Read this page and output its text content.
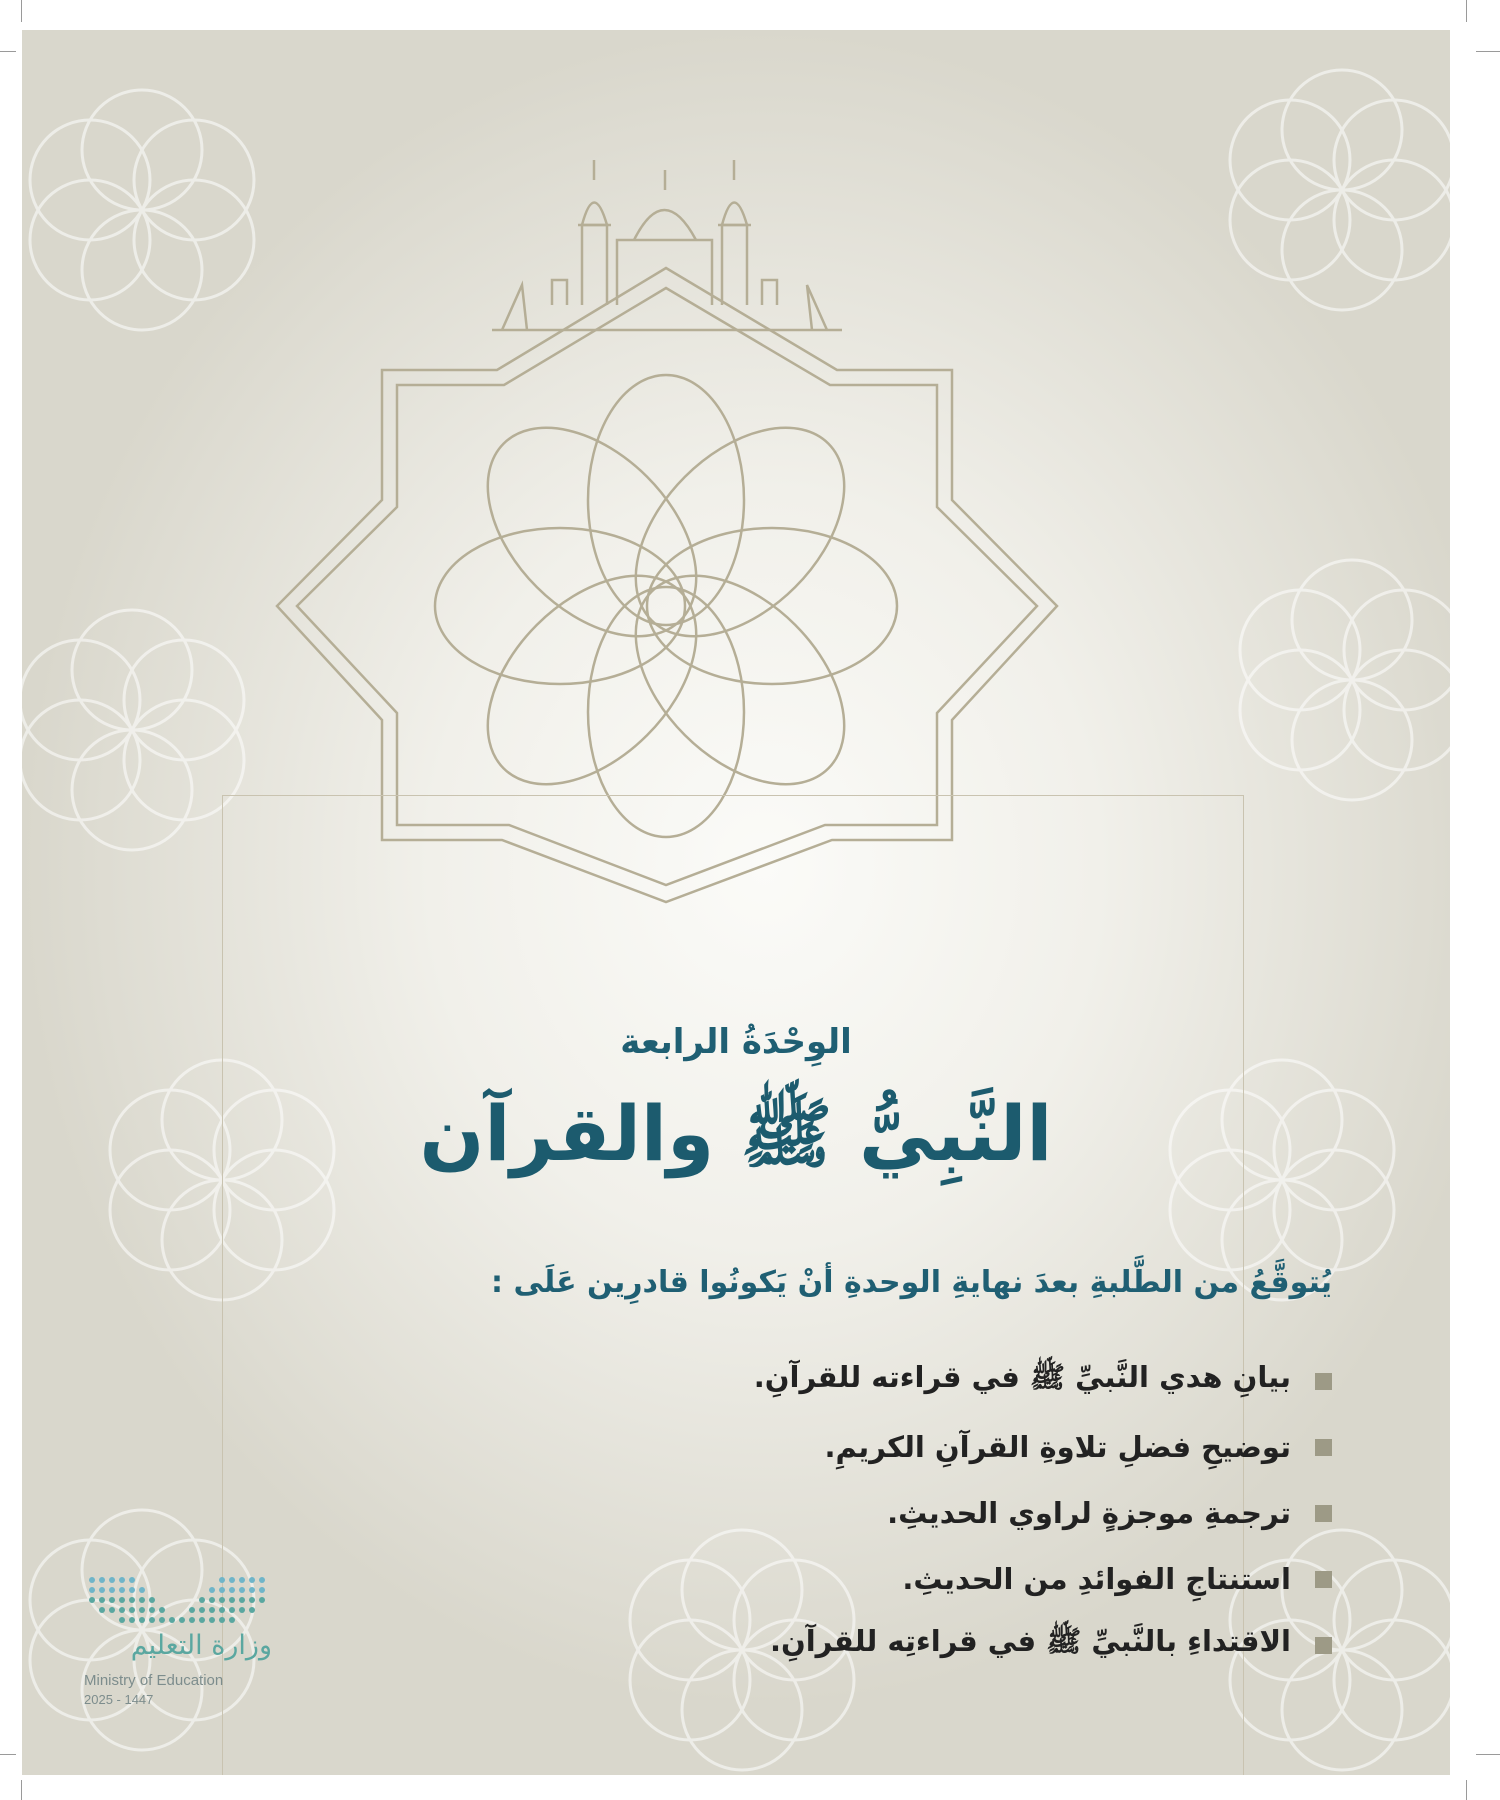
الوِحْدَةُ الرابعة
النَّبِيُّ ﷺ والقرآن
يُتوقَّعُ من الطَّلبةِ بعدَ نهايةِ الوحدةِ أنْ يَكونُوا قادرِين عَلَى :
بيانِ هدي النَّبيِّ ﷺ في قراءته للقرآنِ.
توضيحِ فضلِ تلاوةِ القرآنِ الكريمِ.
ترجمةِ موجزةٍ لراوي الحديثِ.
استنتاجِ الفوائدِ من الحديثِ.
الاقتداءِ بالنَّبيِّ ﷺ في قراءتِه للقرآنِ.
وزارة التعليم
Ministry of Education
2025 - 1447
